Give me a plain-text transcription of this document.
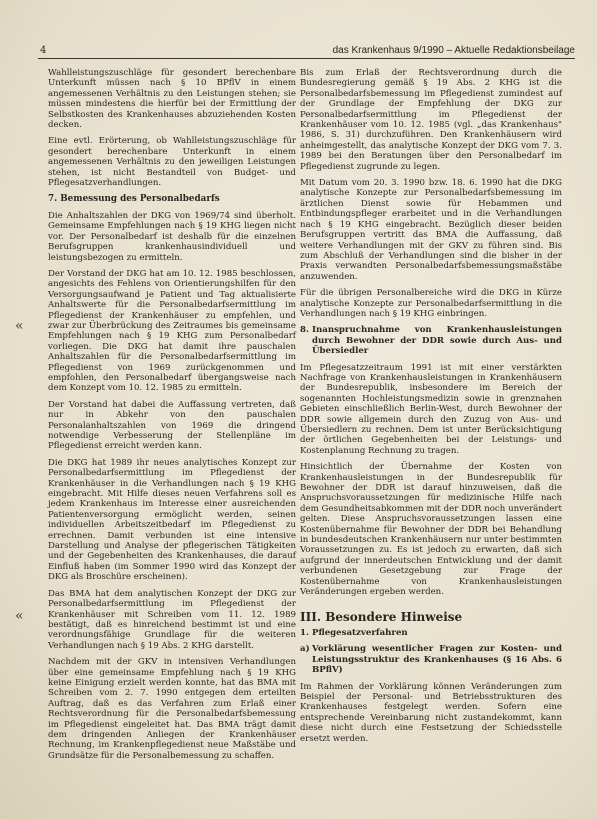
4	das Krankenhaus 9/1990 – Aktuelle Redaktionsbeilage
«
«

Wahlleistungszuschläge für gesondert berechenbare Unterkunft müssen nach § 10 BPflV in einem angemessenen Verhältnis zu den Leistungen stehen; sie müssen mindestens die hierfür bei der Ermittlung der Selbstkosten des Krankenhauses abzuziehenden Kosten decken.

Eine evtl. Erörterung, ob Wahlleistungszuschläge für gesondert berechenbare Unterkunft in einem angemessenen Verhältnis zu den jeweiligen Leistungen stehen, ist nicht Bestandteil von Budget- und Pflegesatzverhandlungen.

7. Bemessung des Personalbedarfs

Die Anhaltszahlen der DKG von 1969/74 sind überholt. Gemeinsame Empfehlungen nach § 19 KHG liegen nicht vor. Der Personalbedarf ist deshalb für die einzelnen Berufsgruppen krankenhausindividuell und leistungsbezogen zu ermitteln.

Der Vorstand der DKG hat am 10. 12. 1985 beschlossen, angesichts des Fehlens von Orientierungshilfen für den Versorgungsaufwand je Patient und Tag aktualisierte Anhaltswerte für die Personalbedarfsermittlung im Pflegedienst der Krankenhäuser zu empfehlen, und zwar zur Überbrückung des Zeitraumes bis gemeinsame Empfehlungen nach § 19 KHG zum Personalbedarf vorliegen. Die DKG hat damit ihre pauschalen Anhaltszahlen für die Personalbedarfsermittlung im Pflegedienst von 1969 zurückgenommen und empfohlen, den Personalbedarf übergangsweise nach dem Konzept vom 10. 12. 1985 zu ermitteln.

Der Vorstand hat dabei die Auffassung vertreten, daß nur in Abkehr von den pauschalen Personalanhaltszahlen von 1969 die dringend notwendige Verbesserung der Stellenpläne im Pflegedienst erreicht werden kann.

Die DKG hat 1989 ihr neues analytisches Konzept zur Personalbedarfsermittlung im Pflegedienst der Krankenhäuser in die Verhandlungen nach § 19 KHG eingebracht. Mit Hilfe dieses neuen Verfahrens soll es jedem Krankenhaus im Interesse einer ausreichenden Patientenversorgung ermöglicht werden, seinen individuellen Arbeitszeitbedarf im Pflegedienst zu errechnen. Damit verbunden ist eine intensive Darstellung und Analyse der pflegerischen Tätigkeiten und der Gegebenheiten des Krankenhauses, die darauf Einfluß haben (im Sommer 1990 wird das Konzept der DKG als Broschüre erscheinen).

Das BMA hat dem analytischen Konzept der DKG zur Personalbedarfsermittlung im Pflegedienst der Krankenhäuser mit Schreiben vom 11. 12. 1989 bestätigt, daß es hinreichend bestimmt ist und eine verordnungsfähige Grundlage für die weiteren Verhandlungen nach § 19 Abs. 2 KHG darstellt.

Nachdem mit der GKV in intensiven Verhandlungen über eine gemeinsame Empfehlung nach § 19 KHG keine Einigung erzielt werden konnte, hat das BMA mit Schreiben vom 2. 7. 1990 entgegen dem erteilten Auftrag, daß es das Verfahren zum Erlaß einer Rechtsverordnung für die Personalbedarfsbemessung im Pflegedienst eingeleitet hat. Das BMA trägt damit dem dringenden Anliegen der Krankenhäuser Rechnung, im Krankenpflegedienst neue Maßstäbe und Grundsätze für die Personalbemessung zu schaffen.

Bis zum Erlaß der Rechtsverordnung durch die Bundesregierung gemäß § 19 Abs. 2 KHG ist die Personalbedarfsbemessung im Pflegedienst zumindest auf der Grundlage der Empfehlung der DKG zur Personalbedarfsermittlung im Pflegedienst der Krankenhäuser vom 10. 12. 1985 (vgl. „das Krankenhaus" 1986, S. 31) durchzuführen. Den Krankenhäusern wird anheimgestellt, das analytische Konzept der DKG vom 7. 3. 1989 bei den Beratungen über den Personalbedarf im Pflegedienst zugrunde zu legen.

Mit Datum vom 20. 3. 1990 bzw. 18. 6. 1990 hat die DKG analytische Konzepte zur Personalbedarfsbemessung im ärztlichen Dienst sowie für Hebammen und Entbindungspfleger erarbeitet und in die Verhandlungen nach § 19 KHG eingebracht. Bezüglich dieser beiden Berufsgruppen vertritt das BMA die Auffassung, daß weitere Verhandlungen mit der GKV zu führen sind. Bis zum Abschluß der Verhandlungen sind die bisher in der Praxis verwandten Personalbedarfsbemessungsmaßstäbe anzuwenden.

Für die übrigen Personalbereiche wird die DKG in Kürze analytische Konzepte zur Personalbedarfsermittlung in die Verhandlungen nach § 19 KHG einbringen.

8. Inanspruchnahme von Krankenhausleistungen durch Bewohner der DDR sowie durch Aus- und Übersiedler

Im Pflegesatzzeitraum 1991 ist mit einer verstärkten Nachfrage von Krankenhausleistungen in Krankenhäusern der Bundesrepublik, insbesondere im Bereich der sogenannten Hochleistungsmedizin sowie in grenznahen Gebieten einschließlich Berlin-West, durch Bewohner der DDR sowie allgemein durch den Zuzug von Aus- und Übersiedlern zu rechnen. Dem ist unter Berücksichtigung der örtlichen Gegebenheiten bei der Leistungs- und Kostenplanung Rechnung zu tragen.

Hinsichtlich der Übernahme der Kosten von Krankenhausleistungen in der Bundesrepublik für Bewohner der DDR ist darauf hinzuweisen, daß die Anspruchsvoraussetzungen für medizinische Hilfe nach dem Gesundheitsabkommen mit der DDR noch unverändert gelten. Diese Anspruchsvoraussetzungen lassen eine Kostenübernahme für Bewohner der DDR bei Behandlung in bundesdeutschen Krankenhäusern nur unter bestimmten Voraussetzungen zu. Es ist jedoch zu erwarten, daß sich aufgrund der innerdeutschen Entwicklung und der damit verbundenen Gesetzgebung zur Frage der Kostenübernahme von Krankenhausleistungen Veränderungen ergeben werden.

III. Besondere Hinweise
1. Pflegesatzverfahren
a) Vorklärung wesentlicher Fragen zur Kosten- und Leistungsstruktur des Krankenhauses (§ 16 Abs. 6 BPflV)

Im Rahmen der Vorklärung können Veränderungen zum Beispiel der Personal- und Betriebsstrukturen des Krankenhauses festgelegt werden. Sofern eine entsprechende Vereinbarung nicht zustandekommt, kann diese nicht durch eine Festsetzung der Schiedsstelle ersetzt werden.
